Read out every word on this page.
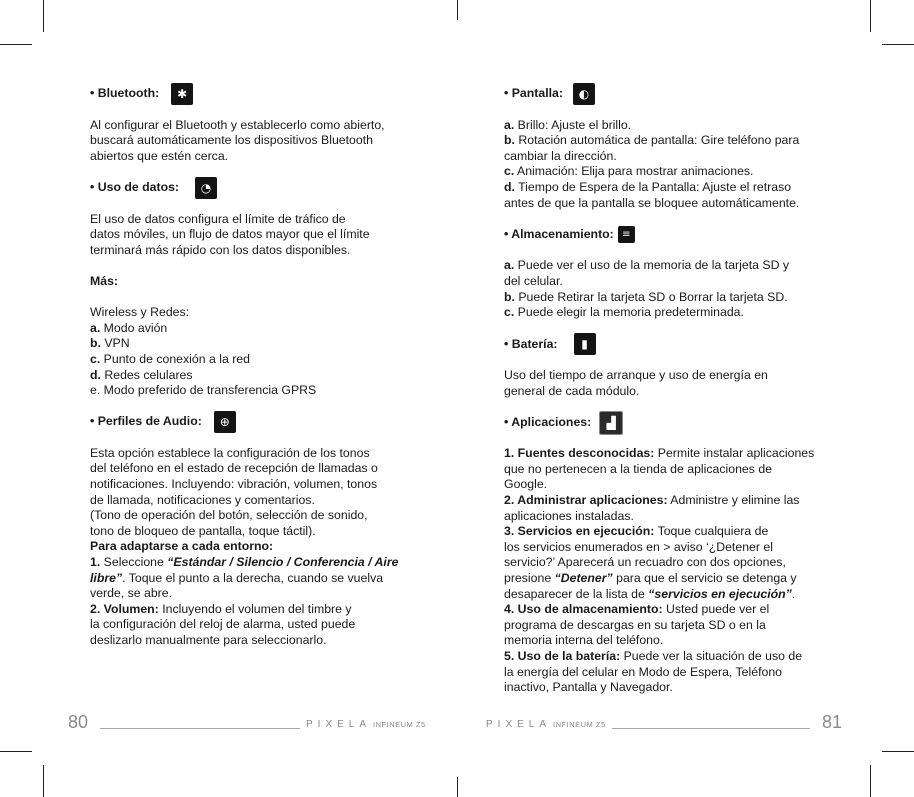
• Bluetooth:	✱
Al configurar el Bluetooth y establecerlo como abierto,
buscará automáticamente los dispositivos Bluetooth
abiertos que estén cerca.
• Uso de datos:	◔
El uso de datos configura el límite de tráfico de
datos móviles, un flujo de datos mayor que el límite
terminará más rápido con los datos disponibles.
Más:
Wireless y Redes:
a. Modo avión
b. VPN
c. Punto de conexión a la red
d. Redes celulares
e. Modo preferido de transferencia GPRS
• Perfiles de Audio:	⊕
Esta opción establece la configuración de los tonos
del teléfono en el estado de recepción de llamadas o
notificaciones. Incluyendo: vibración, volumen, tonos
de llamada, notificaciones y comentarios.
(Tono de operación del botón, selección de sonido,
tono de bloqueo de pantalla, toque táctil).
Para adaptarse a cada entorno:
1. Seleccione “Estándar / Silencio / Conferencia / Aire
libre”. Toque el punto a la derecha, cuando se vuelva
verde, se abre.
2. Volumen: Incluyendo el volumen del timbre y
la configuración del reloj de alarma, usted puede
deslizarlo manualmente para seleccionarlo.
• Pantalla:	◐
a. Brillo: Ajuste el brillo.
b. Rotación automática de pantalla: Gire teléfono para
cambiar la dirección.
c. Animación: Elija para mostrar animaciones.
d. Tiempo de Espera de la Pantalla: Ajuste el retraso
antes de que la pantalla se bloquee automáticamente.
• Almacenamiento: ≡
a. Puede ver el uso de la memoria de la tarjeta SD y
del celular.
b. Puede Retirar la tarjeta SD o Borrar la tarjeta SD.
c. Puede elegir la memoria predeterminada.
• Batería:	▮
Uso del tiempo de arranque y uso de energía en
general de cada módulo.
• Aplicaciones:	▟
1. Fuentes desconocidas: Permite instalar aplicaciones
que no pertenecen a la tienda de aplicaciones de
Google.
2. Administrar aplicaciones: Administre y elimine las
aplicaciones instaladas.
3. Servicios en ejecución: Toque cualquiera de
los servicios enumerados en > aviso ‘¿Detener el
servicio?’ Aparecerá un recuadro con dos opciones,
presione “Detener” para que el servicio se detenga y
desaparecer de la lista de “servicios en ejecución”.
4. Uso de almacenamiento: Usted puede ver el
programa de descargas en su tarjeta SD o en la
memoria interna del teléfono.
5. Uso de la batería: Puede ver la situación de uso de
la energía del celular en Modo de Espera, Teléfono
inactivo, Pantalla y Navegador.
80	PIXELA INFINEUM Z5	PIXELA INFINEUM Z5	81
